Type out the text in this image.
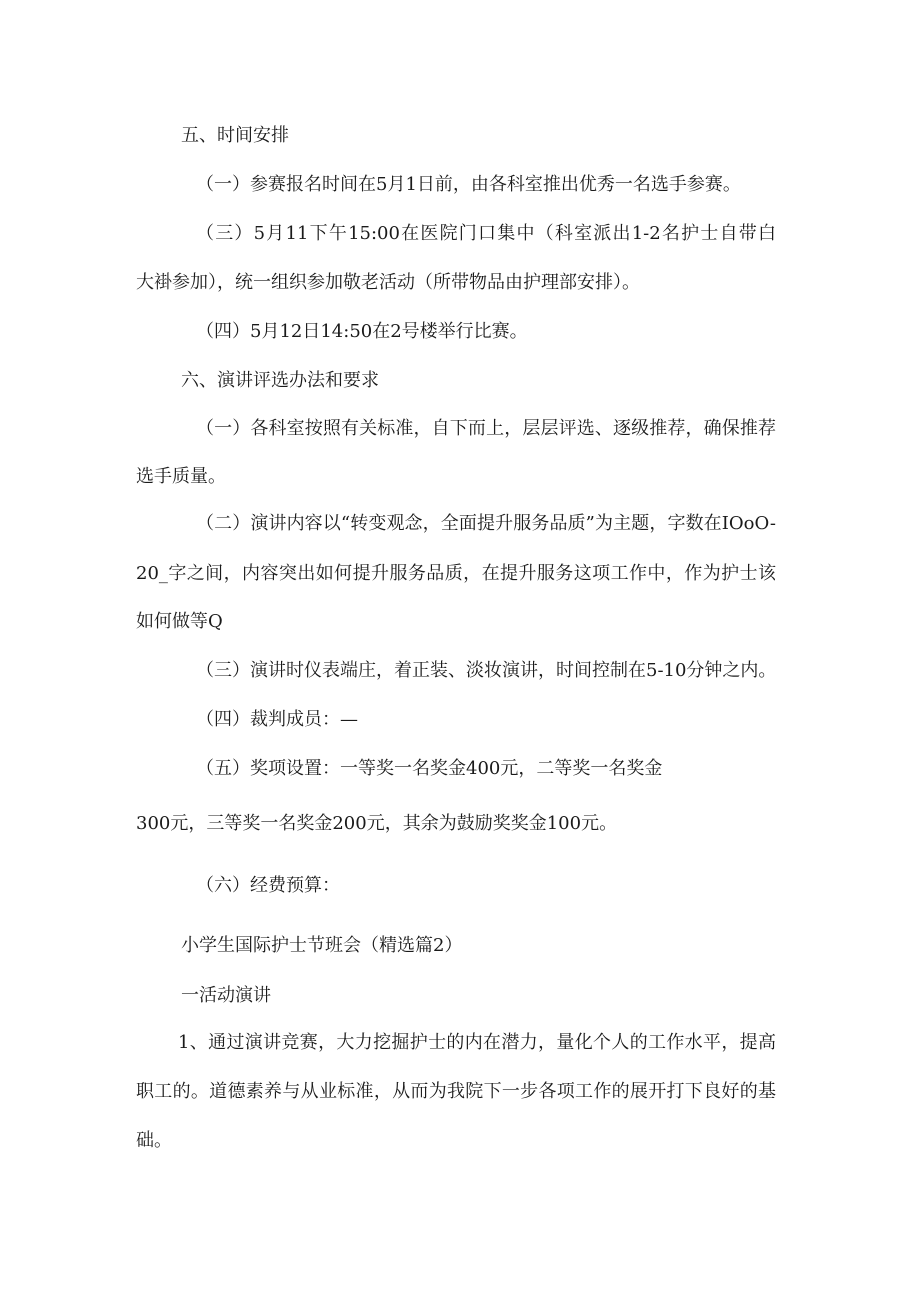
五、时间安排

（一）参赛报名时间在5月1日前，由各科室推出优秀一名选手参赛。

（三）5月11下午15:00在医院门口集中（科室派出1-2名护士自带白

大褂参加），统一组织参加敬老活动（所带物品由护理部安排）。

（四）5月12日14:50在2号楼举行比赛。

六、演讲评选办法和要求

（一）各科室按照有关标准，自下而上，层层评选、逐级推荐，确保推荐

选手质量。

（二）演讲内容以“转变观念，全面提升服务品质”为主题，字数在IOoO-

20_字之间，内容突出如何提升服务品质，在提升服务这项工作中，作为护士该

如何做等Q

（三）演讲时仪表端庄，着正装、淡妆演讲，时间控制在5-10分钟之内。

（四）裁判成员：—

（五）奖项设置：一等奖一名奖金400元，二等奖一名奖金

300元，三等奖一名奖金200元，其余为鼓励奖奖金100元。

（六）经费预算：

小学生国际护士节班会（精选篇2）

一活动演讲

1、通过演讲竞赛，大力挖掘护士的内在潜力，量化个人的工作水平，提高

职工的。道德素养与从业标准，从而为我院下一步各项工作的展开打下良好的基

础。
